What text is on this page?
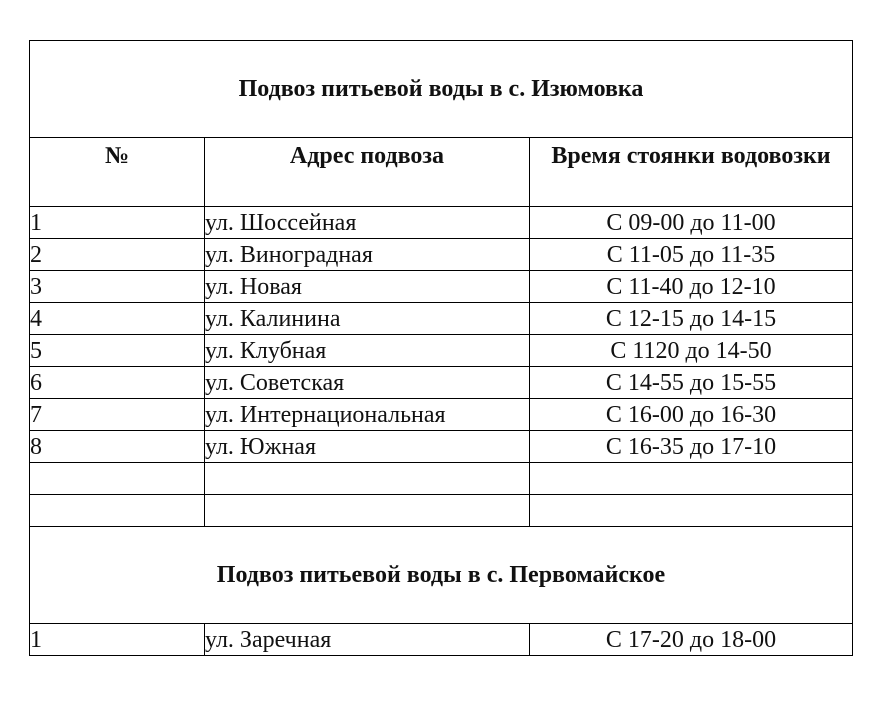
Подвоз питьевой воды в с. Изюмовка		
№	Адрес подвоза	Время стоянки водовозки
1	ул. Шоссейная	С 09-00 до 11-00
2	ул. Виноградная	С 11-05 до 11-35
3	ул. Новая	С 11-40 до 12-10
4	ул. Калинина	С 12-15 до 14-15
5	ул. Клубная	С 1120 до 14-50
6	ул. Советская	С 14-55 до 15-55
7	ул. Интернациональная	С 16-00 до 16-30
8	ул. Южная	С 16-35 до 17-10

Подвоз питьевой воды в с. Первомайское		
1	ул. Заречная	С 17-20 до 18-00
